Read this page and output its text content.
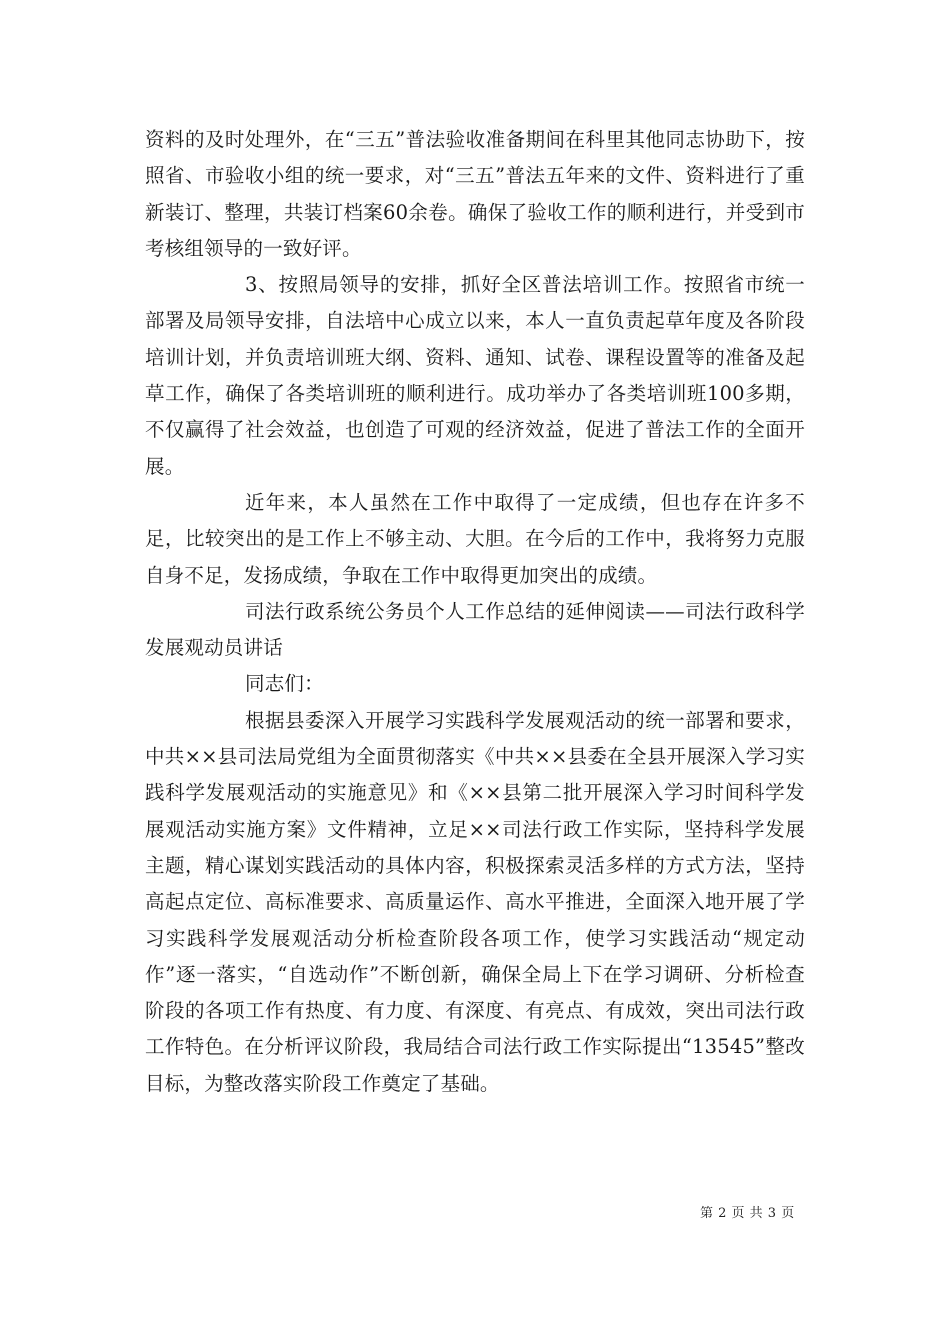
资料的及时处理外，在“三五”普法验收准备期间在科里其他同志协助下，按照省、市验收小组的统一要求，对“三五”普法五年来的文件、资料进行了重新装订、整理，共装订档案60余卷。确保了验收工作的顺利进行，并受到市考核组领导的一致好评。

3、按照局领导的安排，抓好全区普法培训工作。按照省市统一部署及局领导安排，自法培中心成立以来，本人一直负责起草年度及各阶段培训计划，并负责培训班大纲、资料、通知、试卷、课程设置等的准备及起草工作，确保了各类培训班的顺利进行。成功举办了各类培训班100多期，不仅赢得了社会效益，也创造了可观的经济效益，促进了普法工作的全面开展。

近年来，本人虽然在工作中取得了一定成绩，但也存在许多不足，比较突出的是工作上不够主动、大胆。在今后的工作中，我将努力克服自身不足，发扬成绩，争取在工作中取得更加突出的成绩。

司法行政系统公务员个人工作总结的延伸阅读——司法行政科学发展观动员讲话

同志们：

根据县委深入开展学习实践科学发展观活动的统一部署和要求，中共××县司法局党组为全面贯彻落实《中共××县委在全县开展深入学习实践科学发展观活动的实施意见》和《××县第二批开展深入学习时间科学发展观活动实施方案》文件精神，立足××司法行政工作实际，坚持科学发展主题，精心谋划实践活动的具体内容，积极探索灵活多样的方式方法，坚持高起点定位、高标准要求、高质量运作、高水平推进，全面深入地开展了学习实践科学发展观活动分析检查阶段各项工作，使学习实践活动“规定动作”逐一落实，“自选动作”不断创新，确保全局上下在学习调研、分析检查阶段的各项工作有热度、有力度、有深度、有亮点、有成效，突出司法行政工作特色。在分析评议阶段，我局结合司法行政工作实际提出“13545”整改目标，为整改落实阶段工作奠定了基础。

第 2 页 共 3 页
